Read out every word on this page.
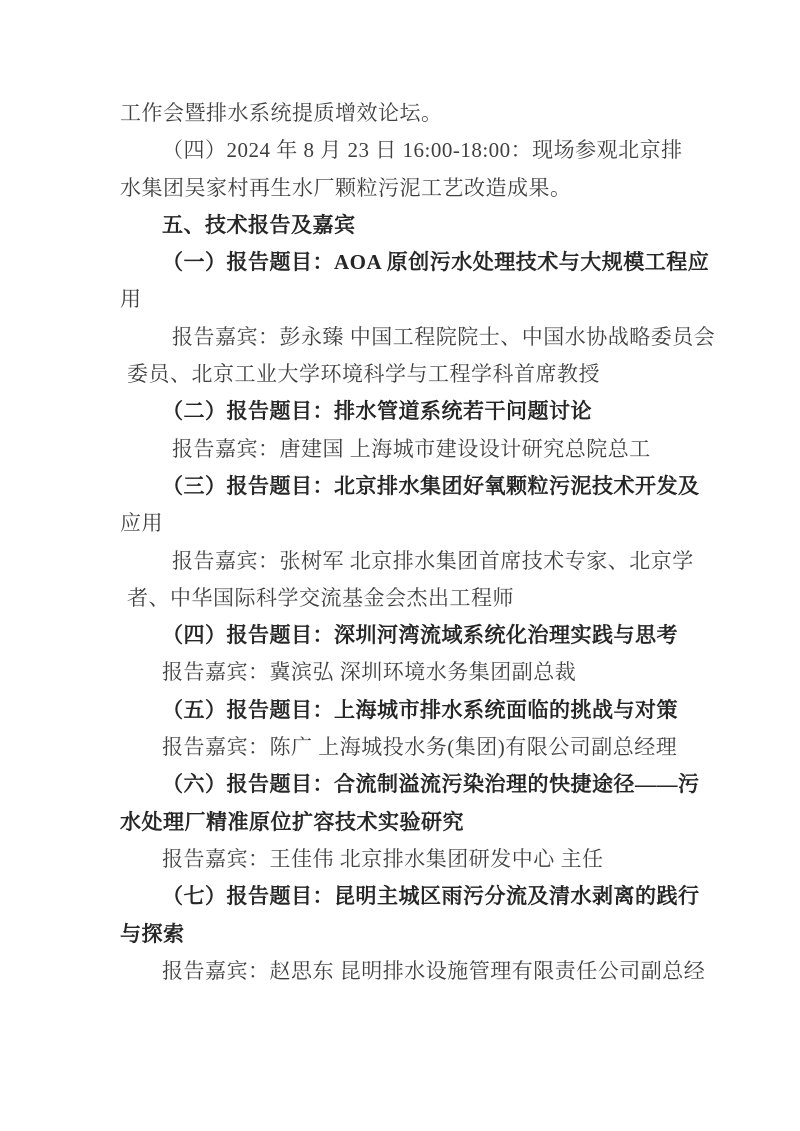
工作会暨排水系统提质增效论坛。
（四）2024 年 8 月 23 日 16:00-18:00：现场参观北京排
水集团吴家村再生水厂颗粒污泥工艺改造成果。
五、技术报告及嘉宾
（一）报告题目：AOA 原创污水处理技术与大规模工程应
用
报告嘉宾：彭永臻 中国工程院院士、中国水协战略委员会
委员、北京工业大学环境科学与工程学科首席教授
（二）报告题目：排水管道系统若干问题讨论
报告嘉宾：唐建国 上海城市建设设计研究总院总工
（三）报告题目：北京排水集团好氧颗粒污泥技术开发及
应用
报告嘉宾：张树军 北京排水集团首席技术专家、北京学
者、中华国际科学交流基金会杰出工程师
（四）报告题目：深圳河湾流域系统化治理实践与思考
报告嘉宾：冀滨弘 深圳环境水务集团副总裁
（五）报告题目：上海城市排水系统面临的挑战与对策
报告嘉宾：陈广 上海城投水务(集团)有限公司副总经理
（六）报告题目：合流制溢流污染治理的快捷途径——污
水处理厂精准原位扩容技术实验研究
报告嘉宾：王佳伟 北京排水集团研发中心 主任
（七）报告题目：昆明主城区雨污分流及清水剥离的践行
与探索
报告嘉宾：赵思东 昆明排水设施管理有限责任公司副总经
